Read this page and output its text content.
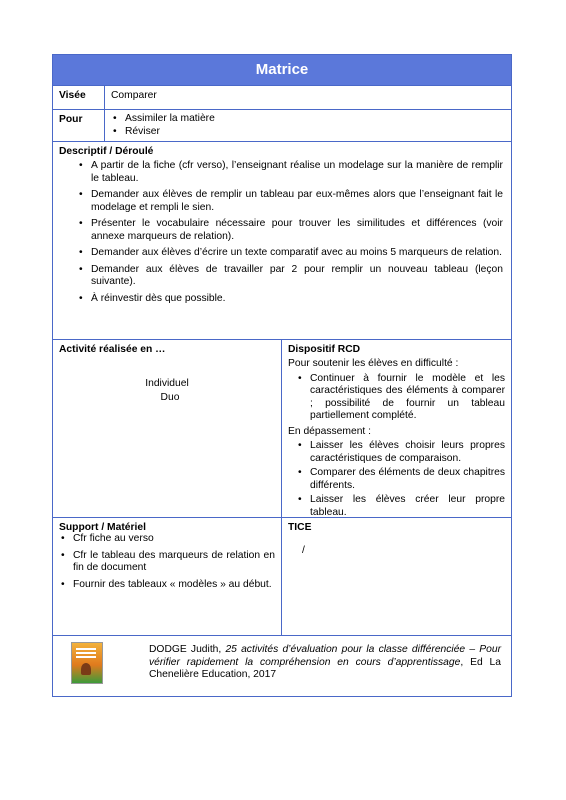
Matrice
Visée	Comparer
Pour
•	Assimiler la matière
• Réviser
Descriptif / Déroulé
• A partir de la fiche (cfr verso), l’enseignant réalise un modelage sur la manière de remplir le tableau.
• Demander aux élèves de remplir un tableau par eux-mêmes alors que l’enseignant fait le modelage et rempli le sien.
• Présenter le vocabulaire nécessaire pour trouver les similitudes et différences (voir annexe marqueurs de relation).
• Demander aux élèves d’écrire un texte comparatif avec au moins 5 marqueurs de relation.
• Demander aux élèves de travailler par 2 pour remplir un nouveau tableau (leçon suivante).
• À réinvestir dès que possible.
Activité réalisée en …
Individuel
Duo
Dispositif RCD
Pour soutenir les élèves en difficulté :
• Continuer à fournir le modèle et les caractéristiques des éléments à comparer ; possibilité de fournir un tableau partiellement complété.
En dépassement :
• Laisser les élèves choisir leurs propres caractéristiques de comparaison.
• Comparer des éléments de deux chapitres différents.
• Laisser les élèves créer leur propre tableau.
Support / Matériel
• Cfr fiche au verso
• Cfr le tableau des marqueurs de relation en fin de document
• Fournir des tableaux « modèles » au début.
TICE
/
DODGE Judith, 25 activités d’évaluation pour la classe différenciée – Pour vérifier rapidement la compréhension en cours d’apprentissage, Ed La Chenelière Education, 2017
